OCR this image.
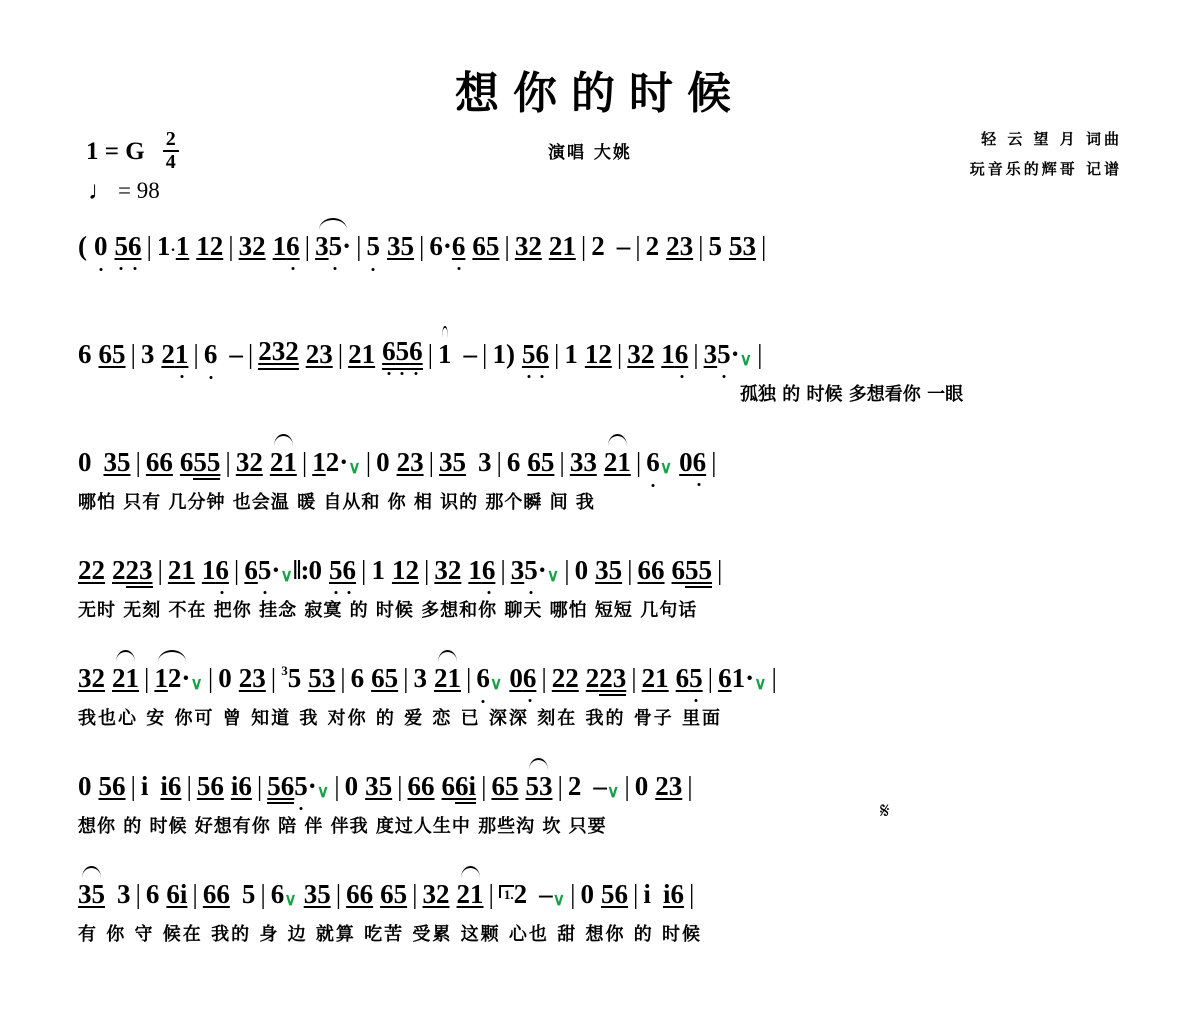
想你的时候
1 = G $\frac{2}{4}$
♩ = 98
演唱 大姚
轻 云 望 月 词曲
玩音乐的辉哥 记谱
( 0 56 | 1·1 12 | 32 16 | 35· | 5 35 | 6·6 65 | 32 21 | 2 – | 2 23 | 5 53 |
6 65 | 3 21 | 6 – | 232 23 | 21 656 | 1 – | 1 ) 56 | 1 12 | 32 16 | 35· ∨ |
孤独 的 时候 多想看你 一眼
0 35 | 66 655 | 32 21 | 12· ∨ | 0 23 | 35 3 | 6 65 | 33 21 | 6 ∨ 06 |
哪怕 只有 几分钟 也会温 暖 自从和 你 相 识的 那个瞬 间 我
22 223 | 21 16 | 65· ∨ ‖: 0 56 | 1 12 | 32 16 | 35· ∨ | 0 35 | 66 655 |
无时 无刻 不在 把你 挂念 寂寞 的 时候 多想和你 聊天 哪怕 短短 几句话
32 21 | 12· ∨ | 0 23 | $^3$5 53 | 6 65 | 3 21 | 6 ∨ 06 | 22 223 | 21 65 | 61· ∨ |
我也心 安 你可 曾 知道 我 对你 的 爱 恋 已 深深 刻在 我的 骨子 里面
0 56 | i i6 | 56 i6 | 565· ∨ | 0 35 | 66 66i | 65 53 | 2 – ∨ | 0 23 |
想你 的 时候 好想有你 陪 伴 伴我 度过人生中 那些沟 坎 只要
𝄋
35 3 | 6 6i | 66 5 | 6 ∨ 35 | 66 65 | 32 21 | 1. 2 – ∨ | 0 56 | i i6 |
有 你 守 候在 我的 身 边 就算 吃苦 受累 这颗 心也 甜 想你 的 时候
